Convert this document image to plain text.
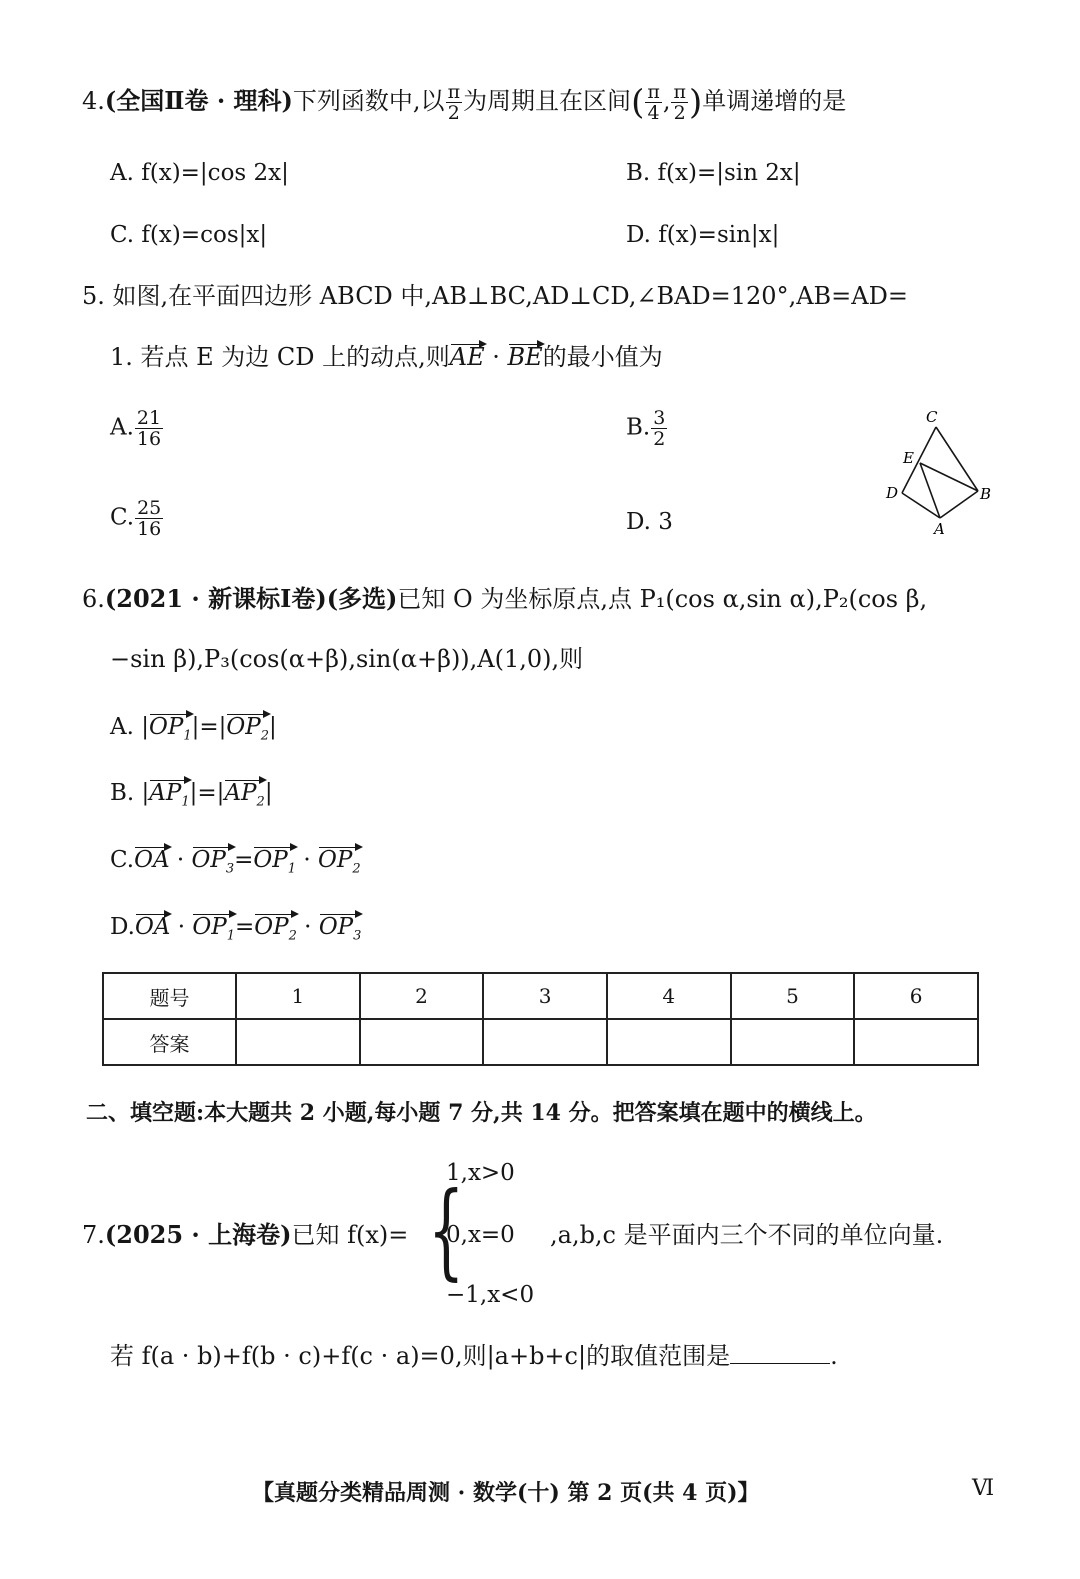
4.(全国Ⅱ卷 · 理科)下列函数中,以 $\frac{\pi}{2}$ 为周期且在区间( $\frac{\pi}{4}$ , $\frac{\pi}{2}$ )单调递增的是
A. f(x)=|cos 2x|	B. f(x)=|sin 2x|
C. f(x)=cos|x|	D. f(x)=sin|x|
5. 如图,在平面四边形 ABCD 中,AB⊥BC,AD⊥CD,∠BAD=120°,AB=AD=
1. 若点 E 为边 CD 上的动点,则AE · BE的最小值为
A. $\frac{21}{16}$	B. $\frac{3}{2}$
C. $\frac{25}{16}$	D. 3
C
E
D	B
A
6.(2021 · 新课标Ⅰ卷)(多选)已知 O 为坐标原点,点 P₁(cos α,sin α),P₂(cos β,
−sin β),P₃(cos(α+β),sin(α+β)),A(1,0),则
A. $|OP_1|=|OP_2|$
B. $|AP_1|=|AP_2|$
$C.OA \cdot OP_3=OP_1 \cdot OP_2$
$D.OA \cdot OP_1=OP_2 \cdot OP_3$
题号	1	2	3	4	5	6
答案						
二、填空题:本大题共 2 小题,每小题 7 分,共 14 分。把答案填在题中的横线上。
7.(2025 · 上海卷)已知 f(x)= {
1,x>0
0,x=0
−1,x<0
,a,b,c 是平面内三个不同的单位向量.
若 f(a · b)+f(b · c)+f(c · a)=0,则|a+b+c|的取值范围是	.
【真题分类精品周测 · 数学(十) 第 2 页(共 4 页)】	Ⅵ
